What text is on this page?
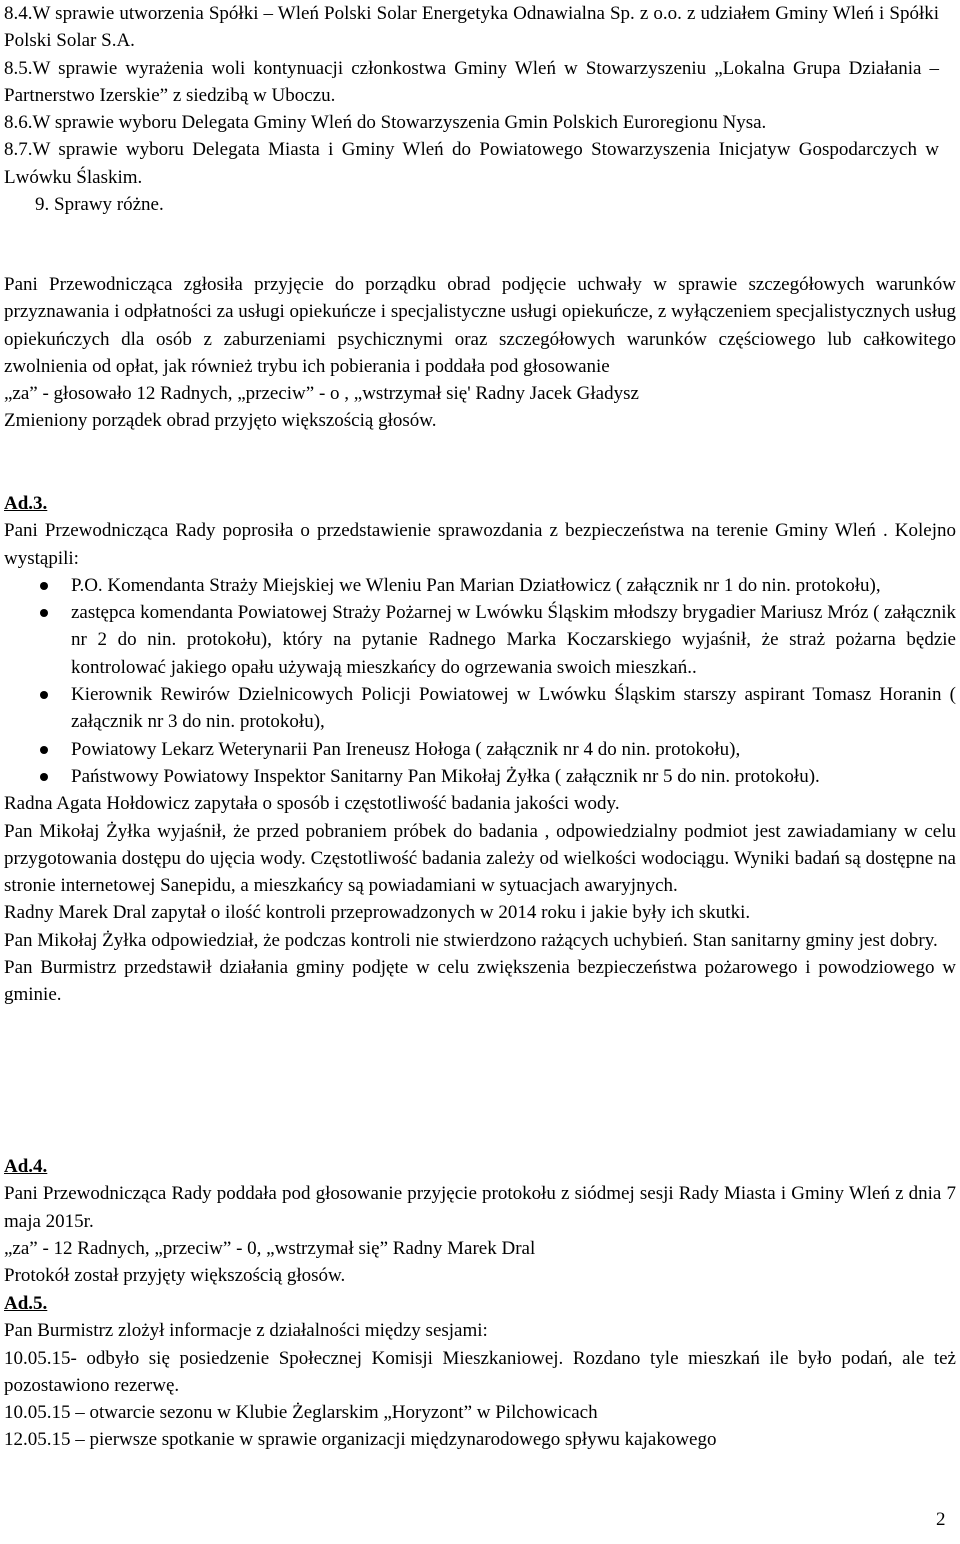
8.4.W sprawie utworzenia Spółki – Wleń Polski Solar Energetyka Odnawialna Sp. z o.o. z udziałem Gminy Wleń i Spółki Polski Solar S.A.

8.5.W sprawie wyrażenia woli kontynuacji członkostwa Gminy Wleń w Stowarzyszeniu „Lokalna Grupa Działania – Partnerstwo Izerskie” z siedzibą w Uboczu.

8.6.W sprawie wyboru Delegata Gminy Wleń do Stowarzyszenia Gmin Polskich Euroregionu Nysa.

8.7.W sprawie wyboru Delegata Miasta i Gminy Wleń do Powiatowego Stowarzyszenia Inicjatyw Gospodarczych w Lwówku Ślaskim.

9. Sprawy różne.

Pani Przewodnicząca zgłosiła przyjęcie do porządku obrad podjęcie uchwały w sprawie szczegółowych warunków przyznawania i odpłatności za usługi opiekuńcze i specjalistyczne usługi opiekuńcze, z wyłączeniem specjalistycznych usług opiekuńczych dla osób z zaburzeniami psychicznymi oraz szczegółowych warunków częściowego lub całkowitego zwolnienia od opłat, jak również trybu ich pobierania i poddała pod głosowanie

„za” - głosowało 12 Radnych, „przeciw” - o , „wstrzymał się' Radny Jacek Gładysz

Zmieniony porządek obrad przyjęto większością głosów.

Ad.3.

Pani Przewodnicząca Rady poprosiła o przedstawienie sprawozdania z bezpieczeństwa na terenie Gminy Wleń . Kolejno wystąpili:

P.O. Komendanta Straży Miejskiej we Wleniu Pan Marian Dziatłowicz ( załącznik nr 1 do nin. protokołu),
zastępca komendanta Powiatowej Straży Pożarnej w Lwówku Śląskim młodszy brygadier Mariusz Mróz ( załącznik nr 2 do nin. protokołu), który na pytanie Radnego Marka Koczarskiego wyjaśnił, że straż pożarna będzie kontrolować jakiego opału używają mieszkańcy do ogrzewania swoich mieszkań..
Kierownik Rewirów Dzielnicowych Policji Powiatowej w Lwówku Śląskim starszy aspirant Tomasz Horanin ( załącznik nr 3 do nin. protokołu),
Powiatowy Lekarz Weterynarii Pan Ireneusz Hołoga ( załącznik nr 4 do nin. protokołu),
Państwowy Powiatowy Inspektor Sanitarny Pan Mikołaj Żyłka ( załącznik nr 5 do nin. protokołu).

Radna Agata Hołdowicz zapytała o sposób i częstotliwość badania jakości wody.

Pan Mikołaj Żyłka wyjaśnił, że przed pobraniem próbek do badania , odpowiedzialny podmiot jest zawiadamiany w celu przygotowania dostępu do ujęcia wody. Częstotliwość badania zależy od wielkości wodociągu. Wyniki badań są dostępne na stronie internetowej Sanepidu, a mieszkańcy są powiadamiani w sytuacjach awaryjnych.

Radny Marek Dral zapytał o ilość kontroli przeprowadzonych w 2014 roku i jakie były ich skutki.

Pan Mikołaj Żyłka odpowiedział, że podczas kontroli nie stwierdzono rażących uchybień. Stan sanitarny gminy jest dobry.

Pan Burmistrz przedstawił działania gminy podjęte w celu zwiększenia bezpieczeństwa pożarowego i powodziowego w gminie.

Ad.4.

Pani Przewodnicząca Rady poddała pod głosowanie przyjęcie protokołu z siódmej sesji Rady Miasta i Gminy Wleń z dnia 7 maja 2015r.

„za” - 12 Radnych, „przeciw” - 0, „wstrzymał się” Radny Marek Dral

Protokół został przyjęty większością głosów.

Ad.5.

Pan Burmistrz zlożył informacje z działalności między sesjami:

10.05.15- odbyło się posiedzenie Społecznej Komisji Mieszkaniowej. Rozdano tyle mieszkań ile było podań, ale też pozostawiono rezerwę.

10.05.15 – otwarcie sezonu w Klubie Żeglarskim „Horyzont” w Pilchowicach

12.05.15 – pierwsze spotkanie w sprawie organizacji międzynarodowego spływu kajakowego

2
